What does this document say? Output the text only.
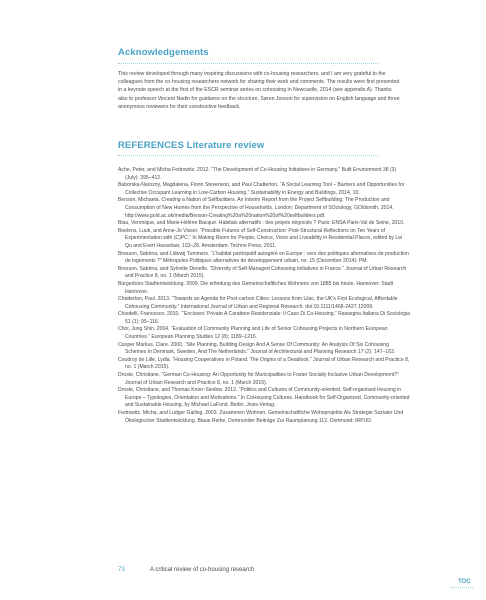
Acknowledgements
This review developed through many inspiring discussions with co-housing researchers, and I am very grateful to the colleagues from the co-housing researchers network for sharing their work and comments. The results were first presented in a keynote speech at the first of the ESCR seminar series on cohousing in Newcastle, 2014 (see appendix A). Thanks also to professor Vincent Nadin for guidance on the structure, Søren Jonson for supervision on English language and three anonymous reviewers for their constructive feedback.
REFERENCES Literature review

Ache, Peter, and Micha Fedrowitz. 2012. “The Development of Co-Housing Initiatives in Germany.” Built Environment 38 (3) (July): 395–412.

Baborska-Narozny, Magdalena, Fionn Stevenson, and Paul Chatterton. “A Social Learning Tool – Barriers and Opportunities for Collective Occupant Learning in Low-Carbon Housing.” Sustainability in Energy and Buildings, 2014, 10.

Benson, Michaela. Creating a Nation of Selfbuilders. An Interim Report from the Project Selfbuilding: The Production and Consumption of New Homes from the Perspective of Households. London: Department of SOciology, GOldsmith, 2014. http://www.gold.ac.uk/media/Benson-Creating%20a%20nation%20of%20selfbuilders.pdf.

Biau, Veronique, and Marie-Hélène Bacqué. Habitats alternatifs : des projets négociés ? Paris: ENSA Paris-Val de Seine, 2010.

Boelens, Luuk, and Anne-Jo Visser. “Possible Futures of Self-Construction: Post-Structural Reflections on Ten Years of Experimentation with (C)PC.” In Making Room for People, Choice, Voice and Liveability in Residential Places, edited by Lei Qu and Evert Hasselaar, 103–28. Amsterdam: Techne Press, 2011.

Bresson, Sabrina, and Lidewij Tummers. “L’habitat participatif autogéré en Europe : vers des politiques alternatives de production de logements ?” Métropoles Politiques alternatives de développement urbain, no. 15 (December 2014): PM.

Bresson, Sabrina, and Sylvette Denefle. “Diversity of Self-Managed Cohousing Initiatives in France.” Journal of Urban Research and Practice 8, no. 1 (March 2015).

Bürgerbüro Stadtentwicklung. 2009. Die erfindung des Gemeinschaftliches Wohnens von 1885 bis heute. Hannover: Stadt Hannover.

Chatterton, Paul. 2013. “Towards an Agenda for Post-carbon Cities: Lessons from Lilac, the UK’s First Ecological, Affordable Cohousing Community.” International Journal of Urban and Regional Research. doi:10.1111/1468-2427.12009.

Chiodelli, Francesco. 2010. “‘Enclaves’ Private A Carattere Residenziale: Il Caso Di Co-Housing.” Rassegna Italiana Di Sociologia 51 (1): 95–116.

Choi, Jung Shin. 2004. “Evaluation of Community Planning and Life of Senior Cohousing Projects in Northern European Countries.” European Planning Studies 12 (8): 1189–1216.

Cooper Markus, Clare. 2000. “Site Planning, Building Design And A Sense Of Community: An Analysis Of Six Cohousing Schemes In Denmark, Sweden, And The Netherlands.” Journal of Architectural and Planning Research 17 (2): 147–163.

Coudroy de Lille, Lydia. “Housing Cooperatives in Poland. The Origins of a Deadlock.” Journal of Urban Research and Practice 8, no. 1 (March 2015).

Droste, Christiane. “German Co-Housing: An Opportunity for Municipalities to Foster Socially Inclusive Urban Development?” Journal of Urban Research and Practice 8, no. 1 (March 2015).

Droste, Christiane, and Thomas Knorr-Siedow. 2012. “Politics and Cultures of Community-oriented, Self-organised Housing in Europe – Typologies, Orientation and Motivations.” In CoHousing Cultures. Handbook for Self-Organized, Community-oriented and Sustainable Housing, by Michael LaFond. Berlin: Jovis-Verlag.

Fedrowitz, Micha, and Ludger Gailing. 2003. Zusammen Wohnen. Gemeinschaftliche Wohnprojekte Als Strategie Sozialer Und Ökologischer Stadtentwicklung. Blaue Reihe, Dortmunder Beiträge Zur Raumplanung 112. Dortmund: IRPUD.

73	A critical review of co-housing research
TOC
